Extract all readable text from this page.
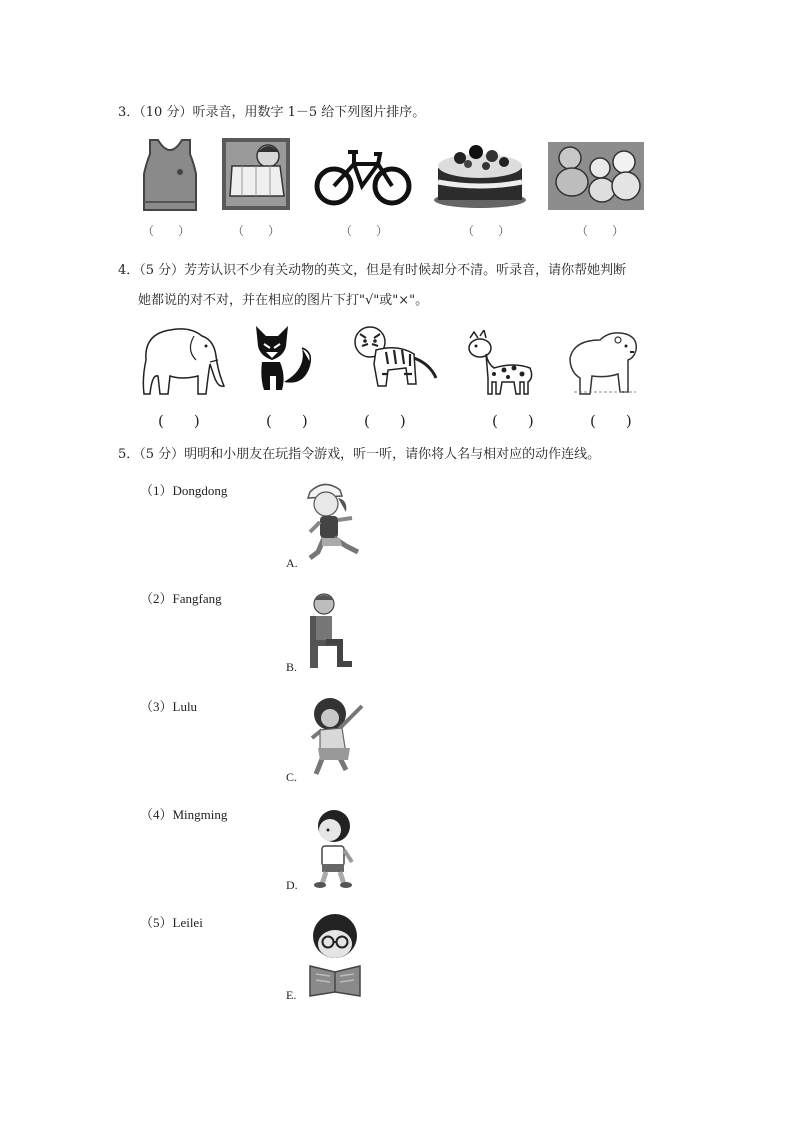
3．（10 分）听录音，用数字 1－5 给下列图片排序。
（　　）	（　　）	（　　）	（　　）	（　　）
4．（5 分）芳芳认识不少有关动物的英文，但是有时候却分不清。听录音，请你帮她判断
她都说的对不对，并在相应的图片下打"√"或"×"。
(　　)	(　　)	(　　)	(　　)	(　　)
5．（5 分）明明和小朋友在玩指令游戏，听一听，请你将人名与相对应的动作连线。
（1）Dongdong
（2）Fangfang
（3）Lulu
（4）Mingming
（5）Leilei
A.
B.
C.
D.
E.
